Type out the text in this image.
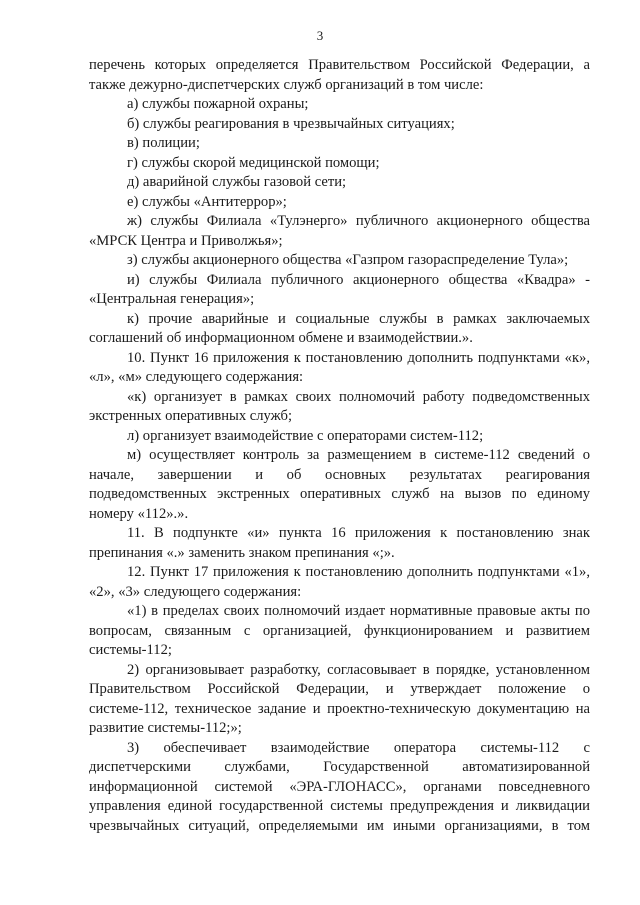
3

перечень которых определяется Правительством Российской Федерации, а также дежурно-диспетчерских служб организаций в том числе:

а) службы пожарной охраны;

б) службы реагирования в чрезвычайных ситуациях;

в) полиции;

г) службы скорой медицинской помощи;

д) аварийной службы газовой сети;

е) службы «Антитеррор»;

ж) службы Филиала «Тулэнерго» публичного акционерного общества «МРСК Центра и Приволжья»;

з) службы акционерного общества «Газпром газораспределение Тула»;

и) службы Филиала публичного акционерного общества «Квадра» - «Центральная генерация»;

к) прочие аварийные и социальные службы в рамках заключаемых соглашений об информационном обмене и взаимодействии.».

10. Пункт 16 приложения к постановлению дополнить подпунктами «к», «л», «м» следующего содержания:

«к) организует в рамках своих полномочий работу подведомственных экстренных оперативных служб;

л) организует взаимодействие с операторами систем-112;

м) осуществляет контроль за размещением в системе-112 сведений о начале, завершении и об основных результатах реагирования подведомственных экстренных оперативных служб на вызов по единому номеру «112».».

11. В подпункте «и» пункта 16 приложения к постановлению знак препинания «.» заменить знаком препинания «;».

12. Пункт 17 приложения к постановлению дополнить подпунктами «1», «2», «3» следующего содержания:

«1) в пределах своих полномочий издает нормативные правовые акты по вопросам, связанным с организацией, функционированием и развитием системы-112;

2) организовывает разработку, согласовывает в порядке, установленном Правительством Российской Федерации, и утверждает положение о системе-112, техническое задание и проектно-техническую документацию на развитие системы-112;»;

3) обеспечивает взаимодействие оператора системы-112 с диспетчерскими службами, Государственной автоматизированной информационной системой «ЭРА-ГЛОНАСС», органами повседневного управления единой государственной системы предупреждения и ликвидации чрезвычайных ситуаций, определяемыми им иными организациями, в том
